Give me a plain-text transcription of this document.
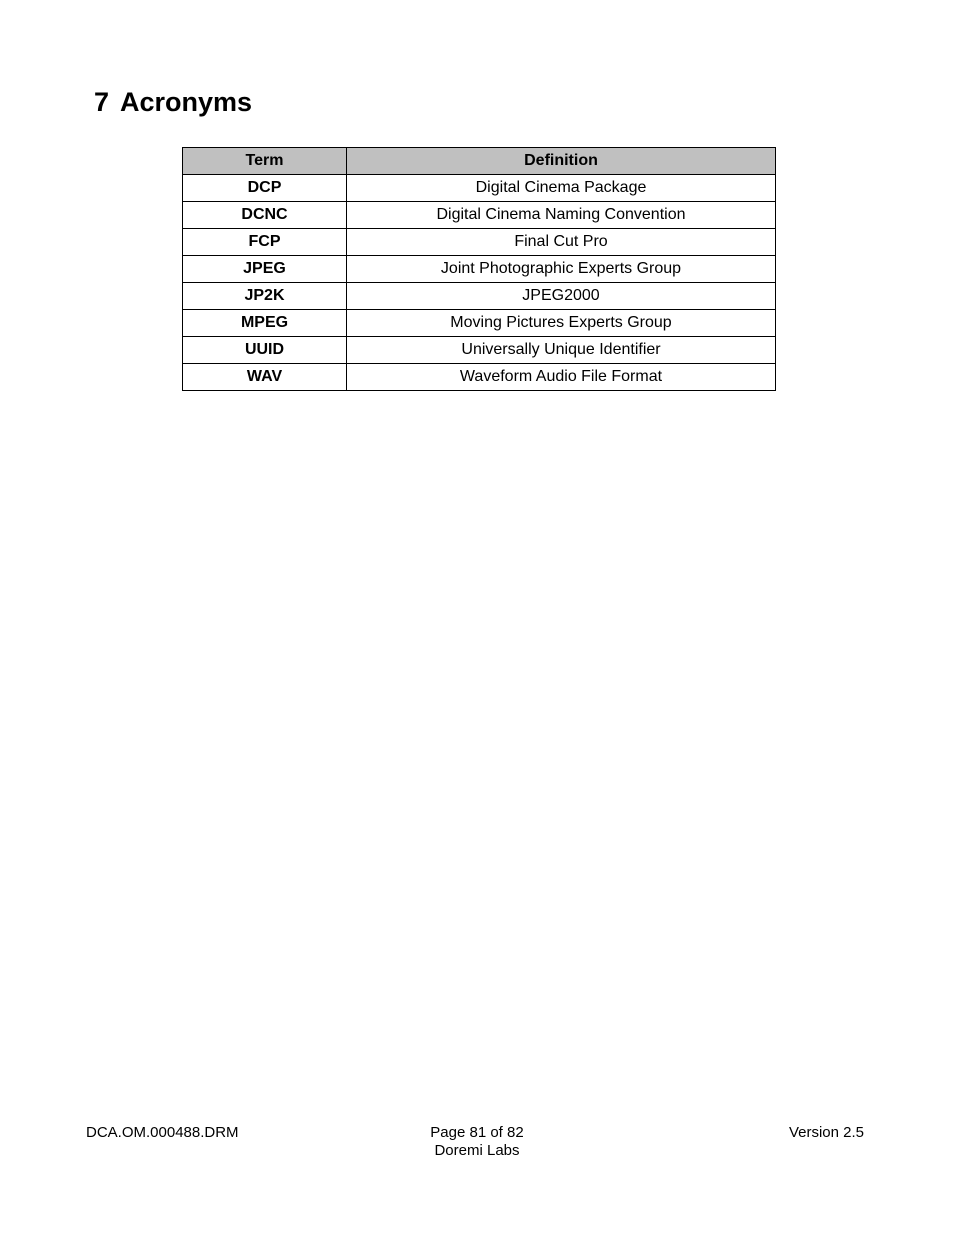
7 Acronyms
Term	Definition
DCP	Digital Cinema Package
DCNC	Digital Cinema Naming Convention
FCP	Final Cut Pro
JPEG	Joint Photographic Experts Group
JP2K	JPEG2000
MPEG	Moving Pictures Experts Group
UUID	Universally Unique Identifier
WAV	Waveform Audio File Format
DCA.OM.000488.DRM	Page 81 of 82
Doremi Labs
Version 2.5
